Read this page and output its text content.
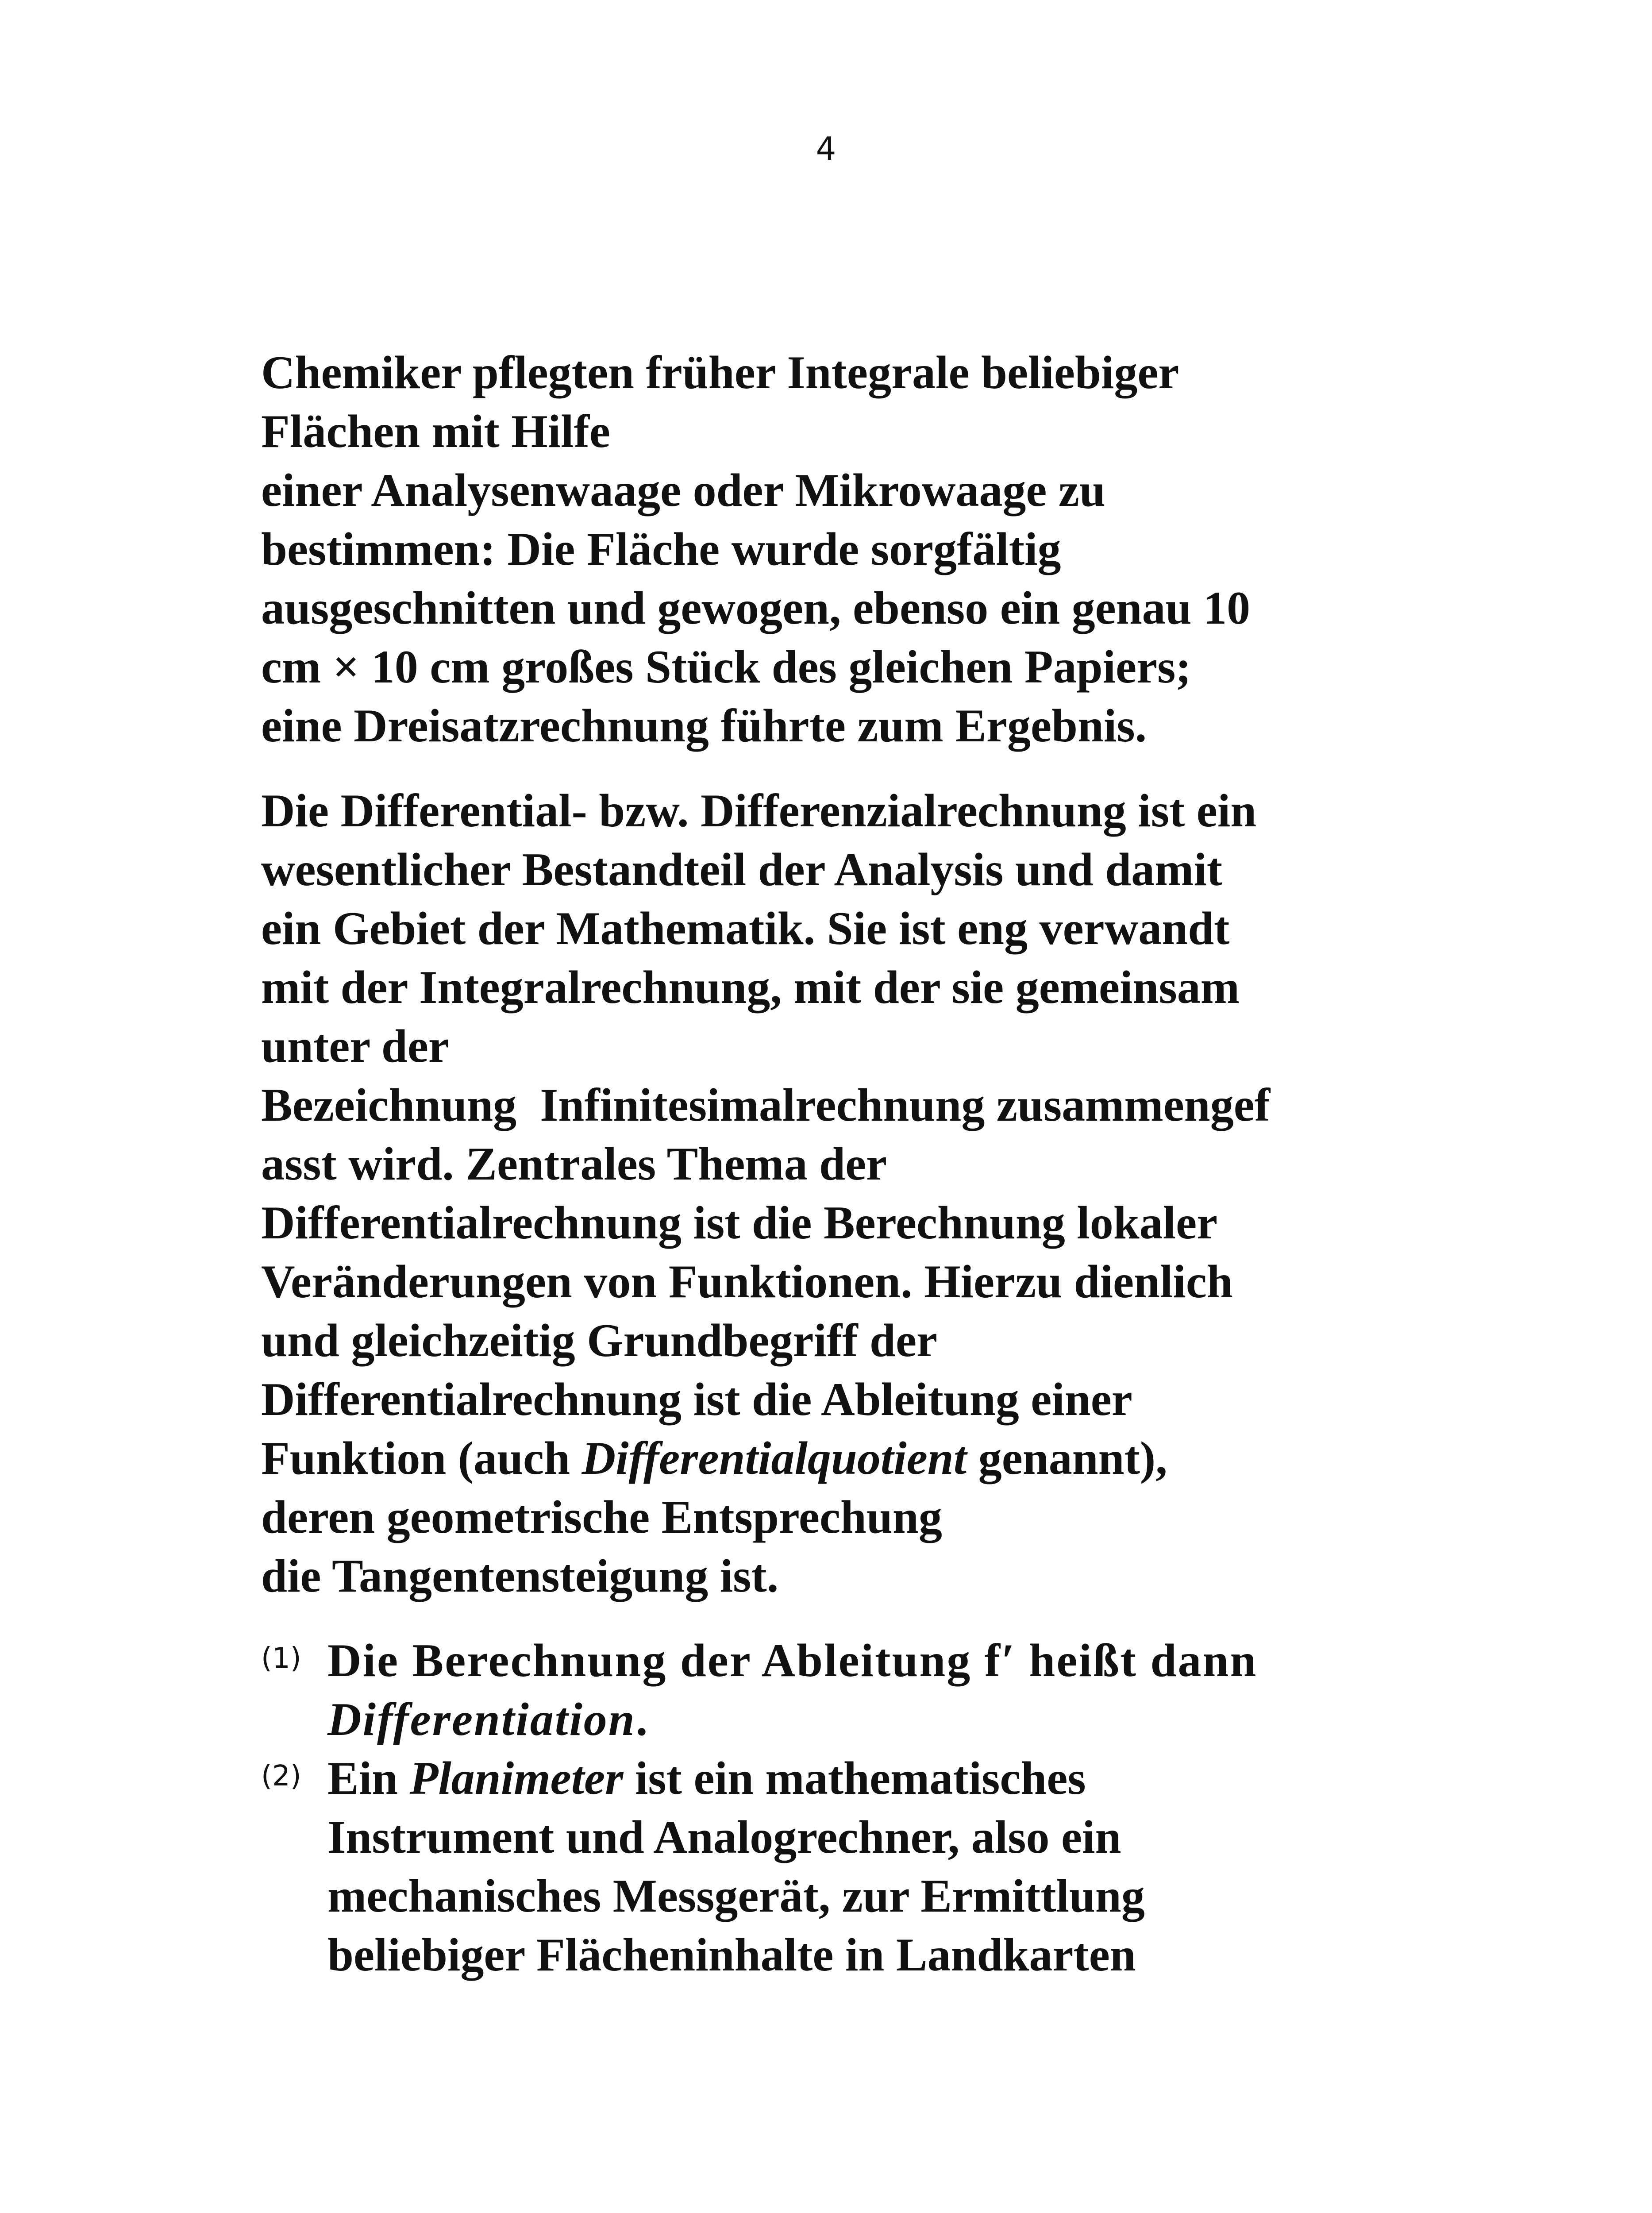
4
Chemiker pflegten früher Integrale beliebiger
Flächen mit Hilfe
einer Analysenwaage oder Mikrowaage zu
bestimmen: Die Fläche wurde sorgfältig
ausgeschnitten und gewogen, ebenso ein genau 10
cm × 10 cm großes Stück des gleichen Papiers;
eine Dreisatzrechnung führte zum Ergebnis.
Die Differential- bzw. Differenzialrechnung ist ein
wesentlicher Bestandteil der Analysis und damit
ein Gebiet der Mathematik. Sie ist eng verwandt
mit der Integralrechnung, mit der sie gemeinsam
unter der
Bezeichnung  Infinitesimalrechnung zusammengef
asst wird. Zentrales Thema der
Differentialrechnung ist die Berechnung lokaler
Veränderungen von Funktionen. Hierzu dienlich
und gleichzeitig Grundbegriff der
Differentialrechnung ist die Ableitung einer
Funktion (auch Differentialquotient genannt),
deren geometrische Entsprechung
die Tangentensteigung ist.
(1) Die Berechnung der Ableitung f′ heißt dann
Differentiation.
(2) Ein Planimeter ist ein mathematisches
Instrument und Analogrechner, also ein
mechanisches Messgerät, zur Ermittlung
beliebiger Flächeninhalte in Landkarten
